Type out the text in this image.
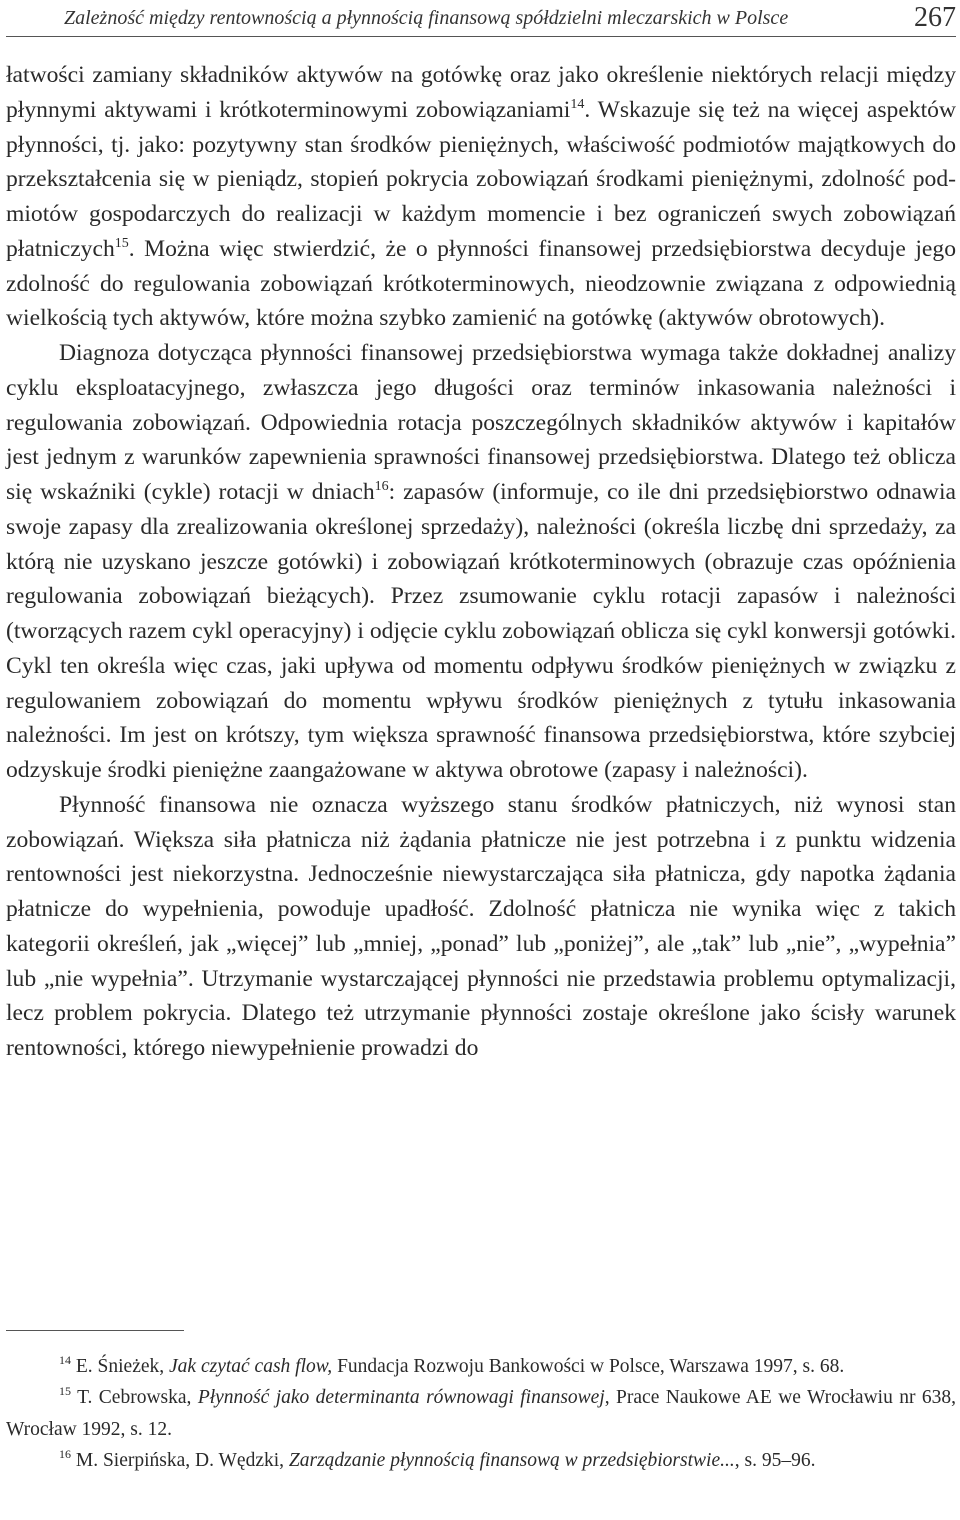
Zależność między rentownością a płynnością finansową spółdzielni mleczarskich w Polsce	267

łatwości zamiany składników aktywów na gotówkę oraz jako określenie niektórych relacji między płynnymi aktywami i krótkoterminowymi zobowiązaniami$^{14}$. Wskazuje się też na więcej aspektów płynności, tj. jako: pozytywny stan środków pieniężnych, właściwość podmiotów majątkowych do przekształcenia się w pieniądz, stopień pokrycia zobowiązań środkami pieniężnymi, zdolność podmiotów gospodarczych do realizacji w każdym momencie i bez ograniczeń swych zobowiązań płatniczych$^{15}$. Można więc stwierdzić, że o płynności finansowej przedsiębiorstwa decyduje jego zdolność do regulowania zobowiązań krótkoterminowych, nieodzownie związana z odpowiednią wielkością tych aktywów, które można szybko zamienić na gotówkę (aktywów obrotowych).

Diagnoza dotycząca płynności finansowej przedsiębiorstwa wymaga także dokładnej analizy cyklu eksploatacyjnego, zwłaszcza jego długości oraz terminów inkasowania należności i regulowania zobowiązań. Odpowiednia rotacja poszczególnych składników aktywów i kapitałów jest jednym z warunków zapewnienia sprawności finansowej przedsiębiorstwa. Dlatego też oblicza się wskaźniki (cykle) rotacji w dniach$^{16}$: zapasów (informuje, co ile dni przedsiębiorstwo odnawia swoje zapasy dla zrealizowania określonej sprzedaży), należności (określa liczbę dni sprzedaży, za którą nie uzyskano jeszcze gotówki) i zobowiązań krótkoterminowych (obrazuje czas opóźnienia regulowania zobowiązań bieżących). Przez zsumowanie cyklu rotacji zapasów i należności (tworzących razem cykl operacyjny) i odjęcie cyklu zobowiązań oblicza się cykl konwersji gotówki. Cykl ten określa więc czas, jaki upływa od momentu odpływu środków pieniężnych w związku z regulowaniem zobowiązań do momentu wpływu środków pieniężnych z tytułu inkasowania należności. Im jest on krótszy, tym większa sprawność finansowa przedsiębiorstwa, które szybciej odzyskuje środki pieniężne zaangażowane w aktywa obrotowe (zapasy i należności).

Płynność finansowa nie oznacza wyższego stanu środków płatniczych, niż wynosi stan zobowiązań. Większa siła płatnicza niż żądania płatnicze nie jest potrzebna i z punktu widzenia rentowności jest niekorzystna. Jednocześnie niewystarczająca siła płatnicza, gdy napotka żądania płatnicze do wypełnienia, powoduje upadłość. Zdolność płatnicza nie wynika więc z takich kategorii określeń, jak „więcej” lub „mniej, „ponad” lub „poniżej”, ale „tak” lub „nie”, „wypełnia” lub „nie wypełnia”. Utrzymanie wystarczającej płynności nie przedstawia problemu optymalizacji, lecz problem pokrycia. Dlatego też utrzymanie płynności zostaje określone jako ścisły warunek rentowności, którego niewypełnienie prowadzi do

$^{14}$ E. Śnieżek, Jak czytać cash flow, Fundacja Rozwoju Bankowości w Polsce, Warszawa 1997, s. 68.

$^{15}$ T. Cebrowska, Płynność jako determinanta równowagi finansowej, Prace Naukowe AE we Wrocławiu nr 638, Wrocław 1992, s. 12.

$^{16}$ M. Sierpińska, D. Wędzki, Zarządzanie płynnością finansową w przedsiębiorstwie..., s. 95–96.
